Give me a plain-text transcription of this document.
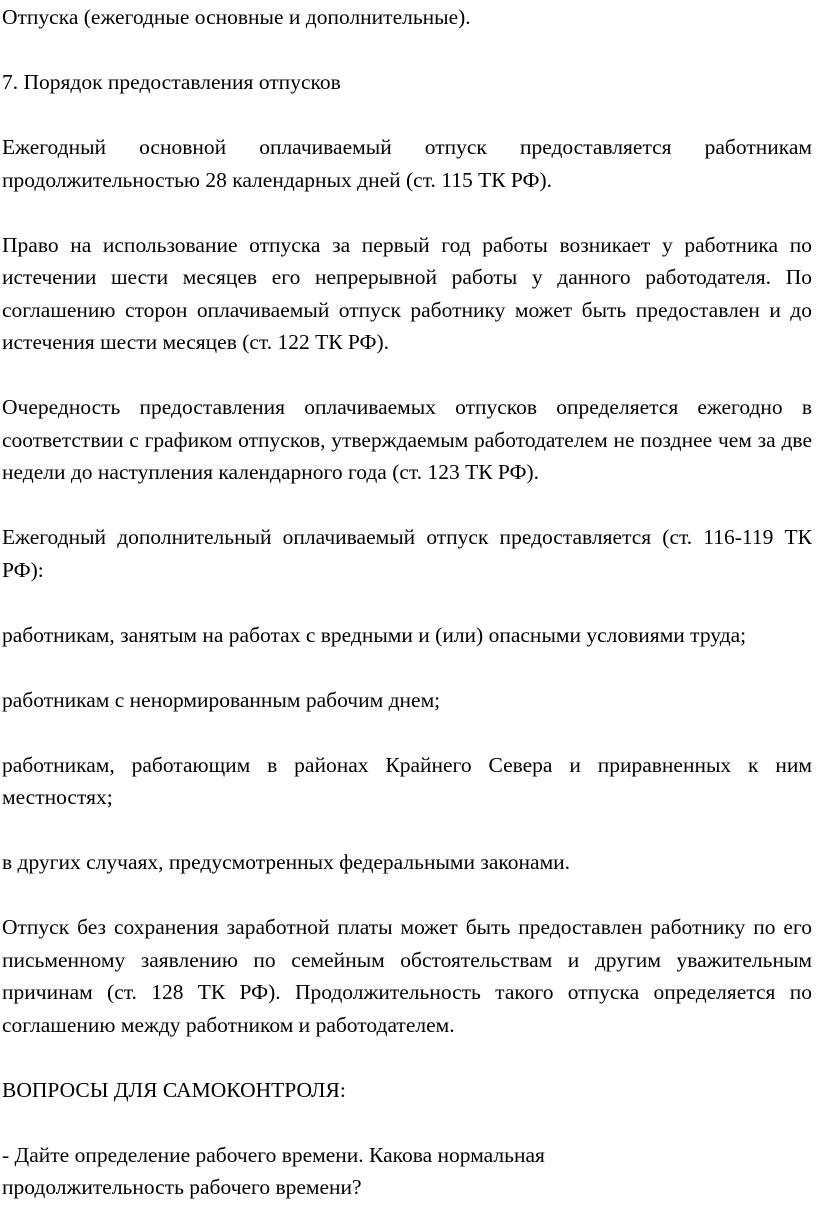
Отпуска (ежегодные основные и дополнительные).

7. Порядок предоставления отпусков

Ежегодный основной оплачиваемый отпуск предоставляется работникам продолжительностью 28 календарных дней (ст. 115 ТК РФ).

Право на использование отпуска за первый год работы возникает у работника по истечении шести месяцев его непрерывной работы у данного работодателя. По соглашению сторон оплачиваемый отпуск работнику может быть предоставлен и до истечения шести месяцев (ст. 122 ТК РФ).

Очередность предоставления оплачиваемых отпусков определяется ежегодно в соответствии с графиком отпусков, утверждаемым работодателем не позднее чем за две недели до наступления календарного года (ст. 123 ТК РФ).

Ежегодный дополнительный оплачиваемый отпуск предоставляется (ст. 116-119 ТК РФ):

работникам, занятым на работах с вредными и (или) опасными условиями труда;

работникам с ненормированным рабочим днем;

работникам, работающим в районах Крайнего Севера и приравненных к ним местностях;

в других случаях, предусмотренных федеральными законами.

Отпуск без сохранения заработной платы может быть предоставлен работнику по его письменному заявлению по семейным обстоятельствам и другим уважительным причинам (ст. 128 ТК РФ). Продолжительность такого отпуска определяется по соглашению между работником и работодателем.

ВОПРОСЫ ДЛЯ САМОКОНТРОЛЯ:

- Дайте определение рабочего времени. Какова нормальная
продолжительность рабочего времени?
